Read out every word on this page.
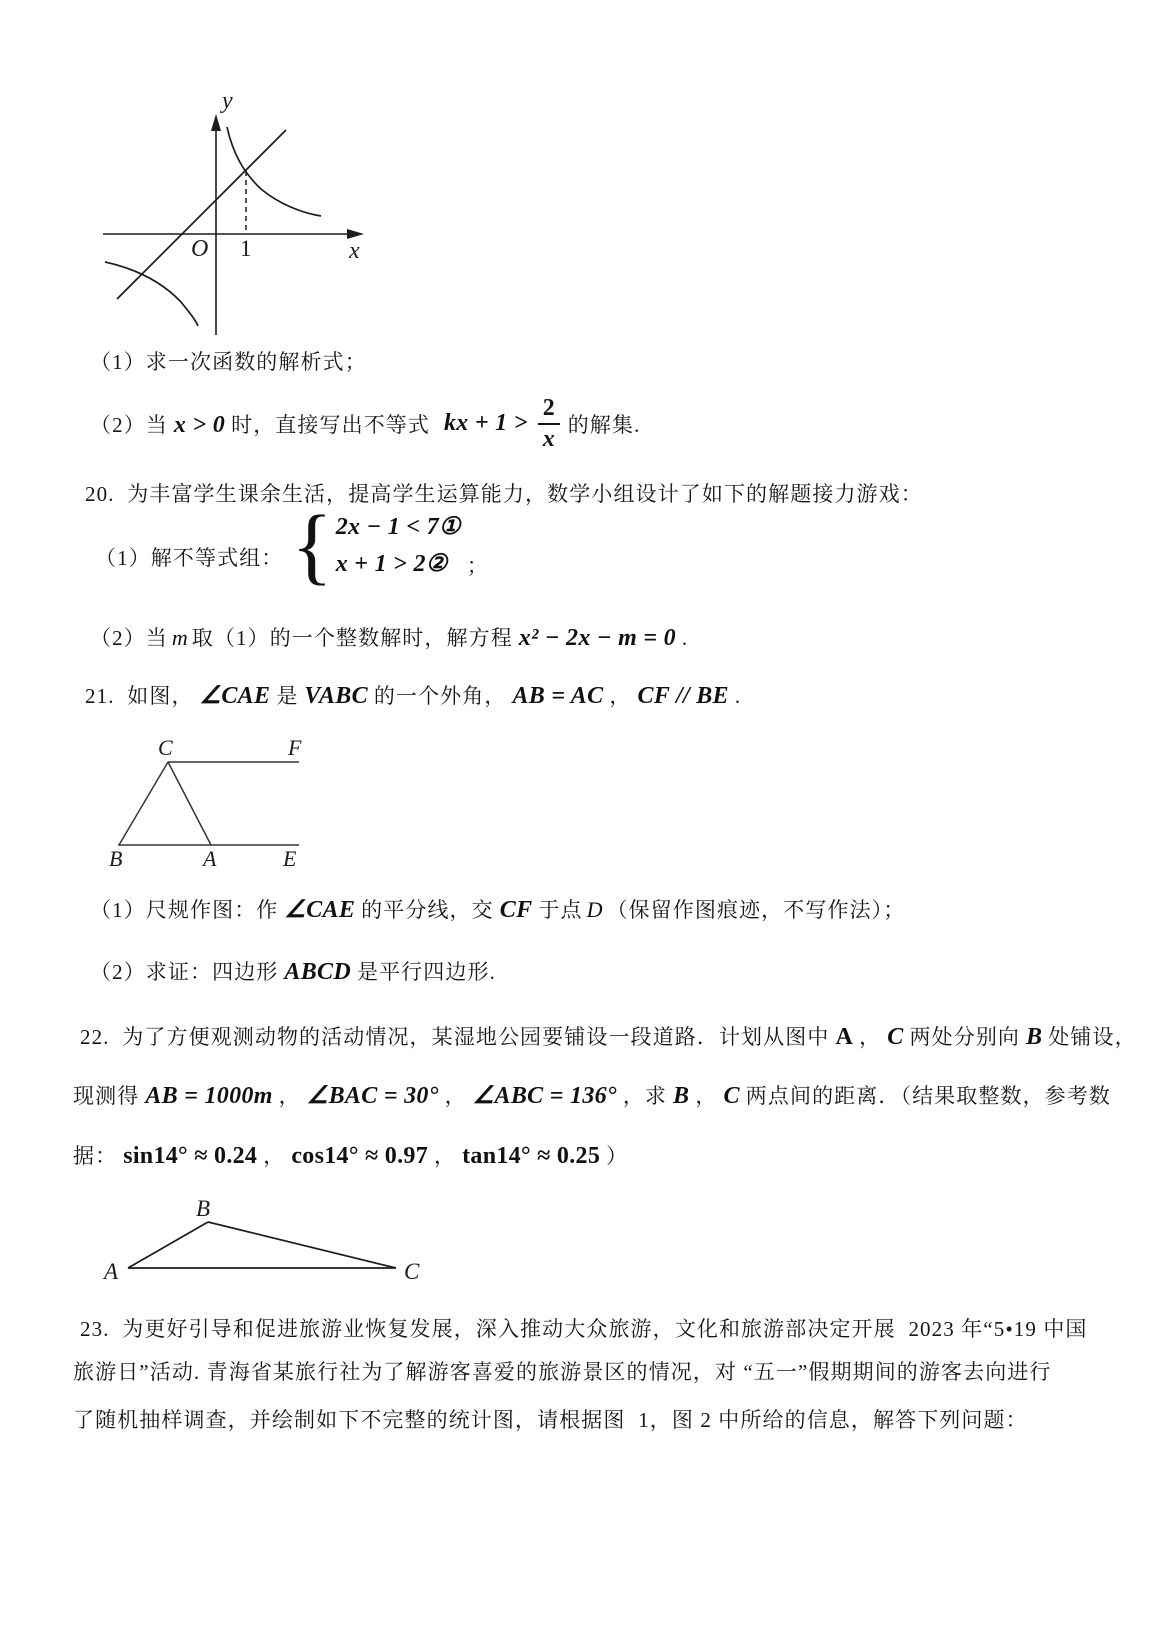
y
x
O 1
（1）求一次函数的解析式；
（2）当 x > 0 时，直接写出不等式 kx + $1 > \frac{2}{x}$ 的解集.
20.  为丰富学生课余生活，提高学生运算能力，数学小组设计了如下的解题接力游戏：
（1）解不等式组： { 2x − 1 < 7①
x + 1 > 2② ；
（2）当 m 取（1）的一个整数解时，解方程 x² − 2x − m = 0 .
21.  如图， ∠CAE 是 VABC 的一个外角， AB = AC ， CF // BE .
C	F
B	A	E
（1）尺规作图：作 ∠CAE 的平分线，交 CF 于点 D （保留作图痕迹，不写作法）；
（2）求证：四边形 ABCD 是平行四边形.
22.  为了方便观测动物的活动情况，某湿地公园要铺设一段道路．计划从图中 A ， C 两处分别向 B 处铺设，
现测得 AB = 1000m ， ∠BAC = 30° ， ∠ABC = 136° ，求 B ， C 两点间的距离．（结果取整数，参考数
据： sin14° ≈ 0.24 ， cos14° ≈ 0.97 ， tan14° ≈ 0.25 ）
B
A	C
23.  为更好引导和促进旅游业恢复发展，深入推动大众旅游，文化和旅游部决定开展  2023 年“5•19 中国
旅游日”活动. 青海省某旅行社为了解游客喜爱的旅游景区的情况，对 “五一”假期期间的游客去向进行
了随机抽样调查，并绘制如下不完整的统计图，请根据图  1，图 2 中所给的信息，解答下列问题：
